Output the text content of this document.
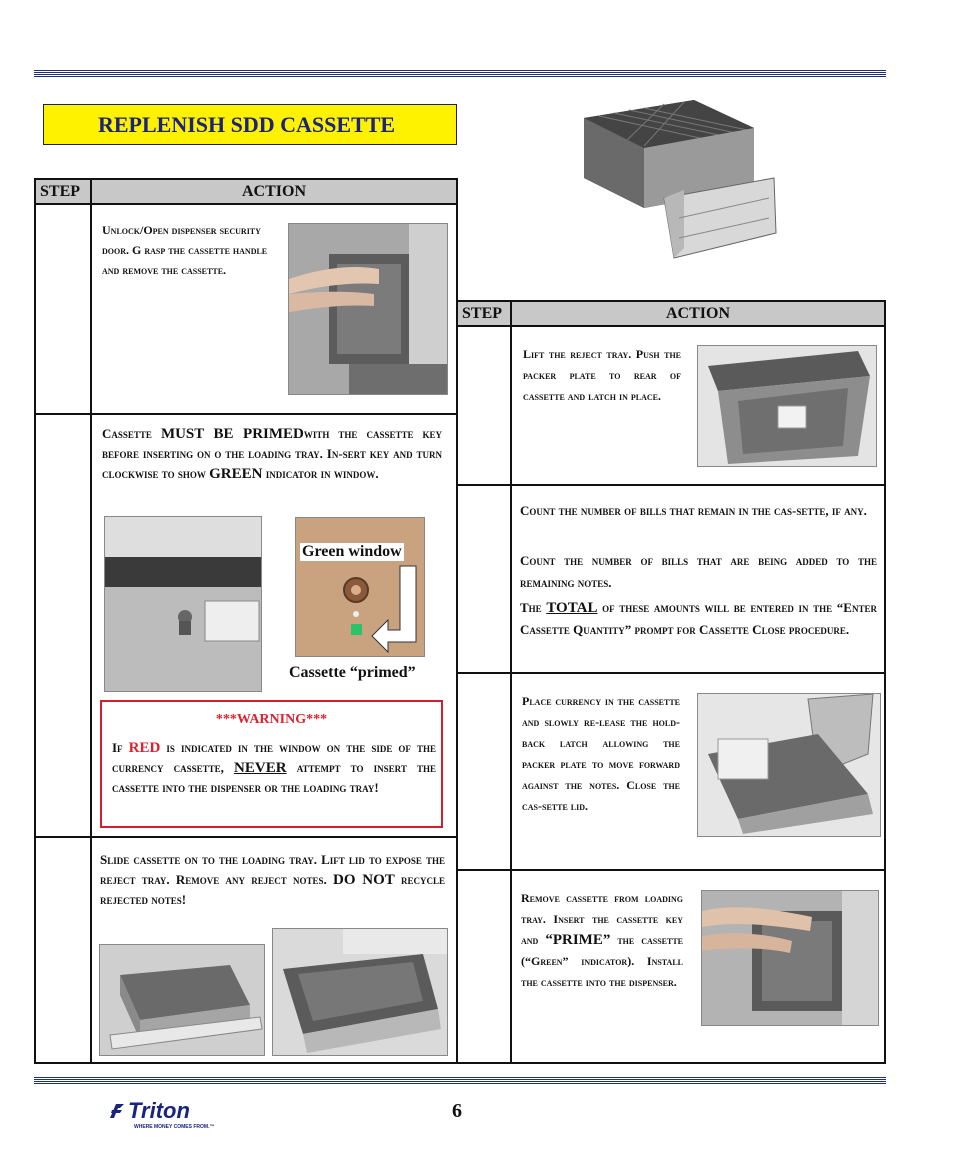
REPLENISH SDD CASSETTE
STEP	ACTION
Unlock/Open dispenser security door. G rasp the cassette handle and remove the cassette.
Cassette MUST BE PRIMEDwith the cassette key before inserting on o the loading tray. In-sert key and turn clockwise to show GREEN indicator in window.
Green window
Cassette “primed”
***WARNING***
If RED is indicated in the window on the side of the currency cassette, NEVER attempt to insert the cassette into the dispenser or the loading tray!
Slide cassette on to the loading tray. Lift lid to expose the reject tray. Remove any reject notes. DO NOT recycle rejected notes!
STEP	ACTION
Lift the reject tray. Push the packer plate to rear of cassette and latch in place.
Count the number of bills that remain in the cas-sette, if any.
Count the number of bills that are being added to the remaining notes.
The TOTAL of these amounts will be entered in the “Enter Cassette Quantity” prompt for Cassette Close procedure.
Place currency in the cassette and slowly re-lease the hold-back latch allowing the packer plate to move forward against the notes. Close the cas-sette lid.
Remove cassette from loading tray. Insert the cassette key and “PRIME” the cassette (“Green” indicator). Install the cassette into the dispenser.
Triton
WHERE MONEY COMES FROM.™
6
